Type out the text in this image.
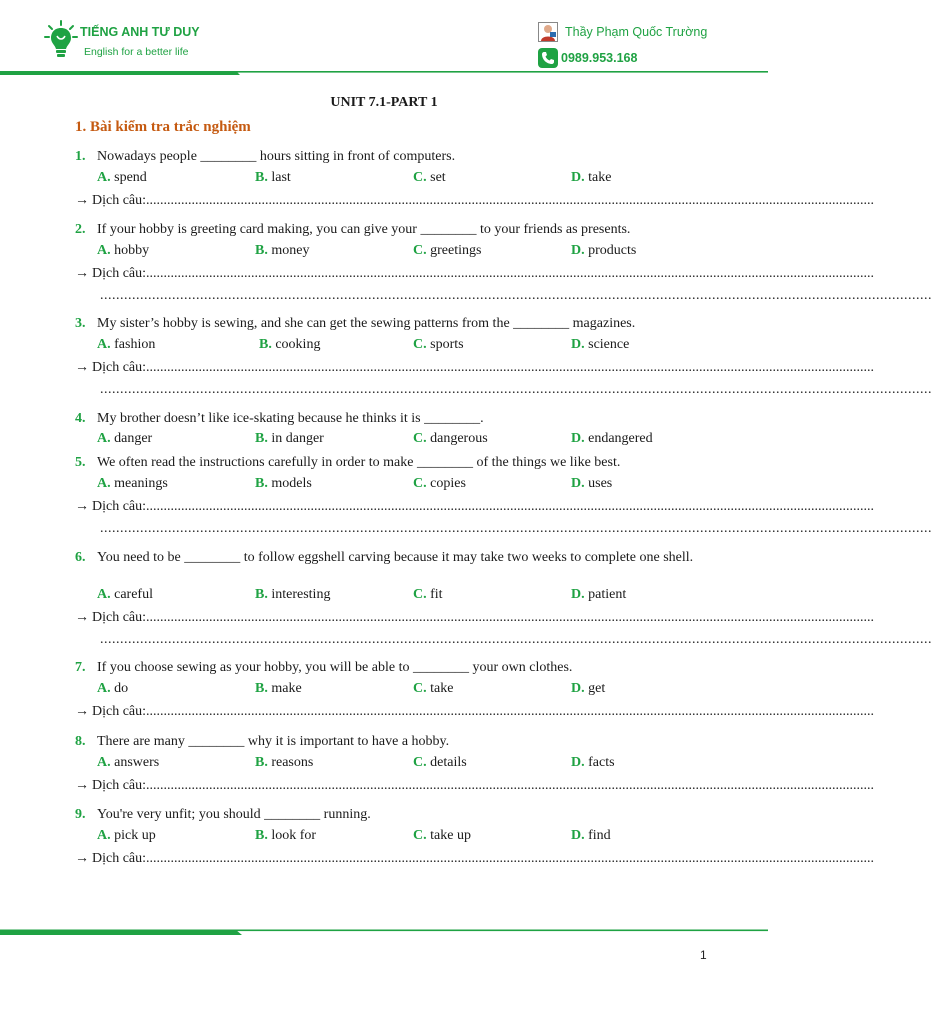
TIẾNG ANH TƯ DUY
English for a better life
Thầy Phạm Quốc Trường
0989.953.168
UNIT 7.1-PART 1
1. Bài kiểm tra trắc nghiệm
1. Nowadays people ________ hours sitting in front of computers.
A. spend	B. last	C. set	D. take
→ Dịch câu:................................................................................................................................................................................................................
2. If your hobby is greeting card making, you can give your ________ to your friends as presents.
A. hobby	B. money	C. greetings	D. products
→ Dịch câu:................................................................................................................................................................................................................
................................................................................................................................................................................................................
3. My sister’s hobby is sewing, and she can get the sewing patterns from the ________ magazines.
A. fashion	B. cooking	C. sports	D. science
→ Dịch câu:................................................................................................................................................................................................................
................................................................................................................................................................................................................
4. My brother doesn’t like ice-skating because he thinks it is ________.
A. danger	B. in danger	C. dangerous	D. endangered
5. We often read the instructions carefully in order to make ________ of the things we like best.
A. meanings	B. models	C. copies	D. uses
→ Dịch câu:................................................................................................................................................................................................................
................................................................................................................................................................................................................
6. You need to be ________ to follow eggshell carving because it may take two weeks to complete one shell.
A. careful	B. interesting	C. fit	D. patient
→ Dịch câu:................................................................................................................................................................................................................
................................................................................................................................................................................................................
7. If you choose sewing as your hobby, you will be able to ________ your own clothes.
A. do	B. make	C. take	D. get
→ Dịch câu:................................................................................................................................................................................................................
8. There are many ________ why it is important to have a hobby.
A. answers	B. reasons	C. details	D. facts
→ Dịch câu:................................................................................................................................................................................................................
9. You're very unfit; you should ________ running.
A. pick up	B. look for	C. take up	D. find
→ Dịch câu:................................................................................................................................................................................................................
1
